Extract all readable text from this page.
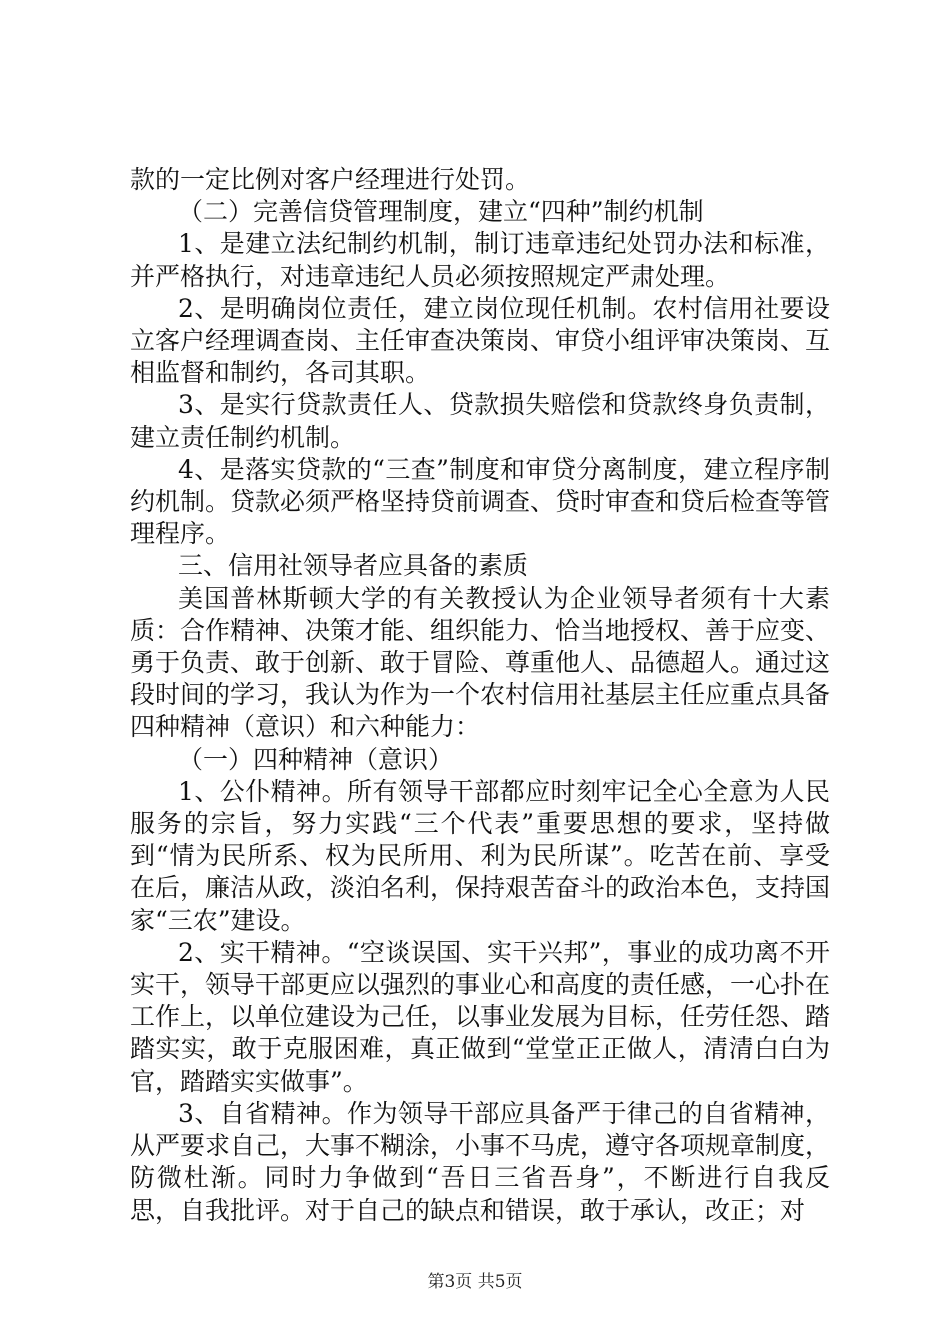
款的一定比例对客户经理进行处罚。

（二）完善信贷管理制度，建立“四种”制约机制

1、是建立法纪制约机制，制订违章违纪处罚办法和标准，并严格执行，对违章违纪人员必须按照规定严肃处理。

2、是明确岗位责任，建立岗位现任机制。农村信用社要设立客户经理调查岗、主任审查决策岗、审贷小组评审决策岗、互相监督和制约，各司其职。

3、是实行贷款责任人、贷款损失赔偿和贷款终身负责制，建立责任制约机制。

4、是落实贷款的“三查”制度和审贷分离制度，建立程序制约机制。贷款必须严格坚持贷前调查、贷时审查和贷后检查等管理程序。

三、信用社领导者应具备的素质

美国普林斯顿大学的有关教授认为企业领导者须有十大素质：合作精神、决策才能、组织能力、恰当地授权、善于应变、勇于负责、敢于创新、敢于冒险、尊重他人、品德超人。通过这段时间的学习，我认为作为一个农村信用社基层主任应重点具备四种精神（意识）和六种能力：

（一）四种精神（意识）

1、公仆精神。所有领导干部都应时刻牢记全心全意为人民服务的宗旨，努力实践“三个代表”重要思想的要求，坚持做到“情为民所系、权为民所用、利为民所谋”。吃苦在前、享受在后，廉洁从政，淡泊名利，保持艰苦奋斗的政治本色，支持国家“三农”建设。

2、实干精神。“空谈误国、实干兴邦”，事业的成功离不开实干，领导干部更应以强烈的事业心和高度的责任感，一心扑在工作上，以单位建设为己任，以事业发展为目标，任劳任怨、踏踏实实，敢于克服困难，真正做到“堂堂正正做人，清清白白为官，踏踏实实做事”。

3、自省精神。作为领导干部应具备严于律己的自省精神，从严要求自己，大事不糊涂，小事不马虎，遵守各项规章制度，防微杜渐。同时力争做到“吾日三省吾身”，不断进行自我反思，自我批评。对于自己的缺点和错误，敢于承认，改正；对

第3页 共5页
